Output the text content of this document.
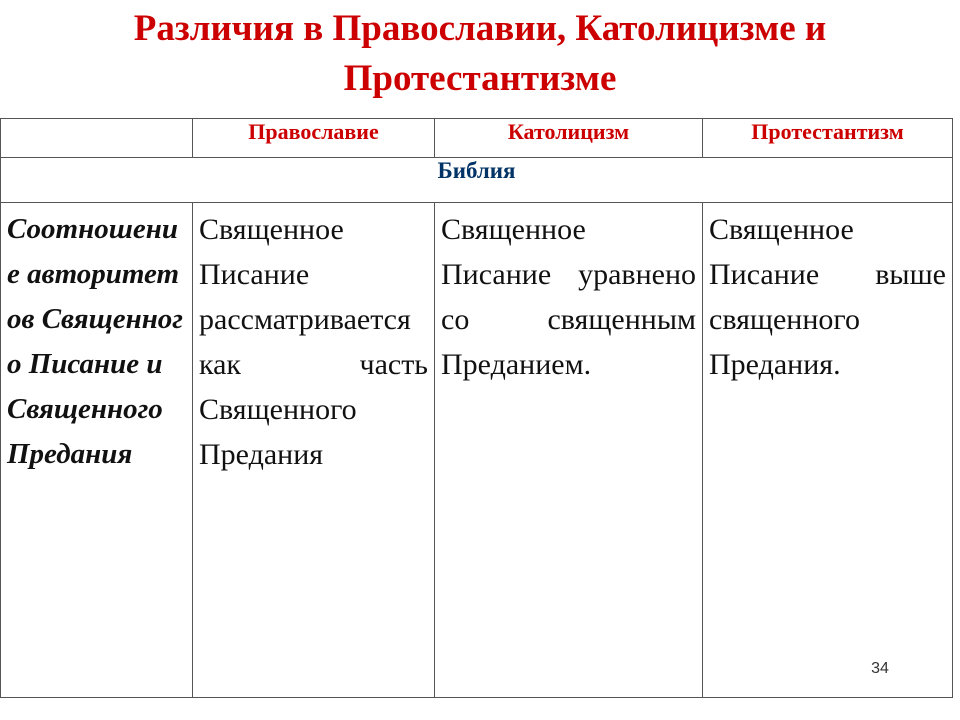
Различия в Православии, Католицизме и
Протестантизме
	Православие	Католицизм	Протестантизм
Библия			
Соотношение авторитетов Священного Писание и Священного Предания	Священное Писание рассматривается как часть Священного Предания	Священное Писание уравнено со священным Преданием.	Священное Писание выше священного Предания.
34
